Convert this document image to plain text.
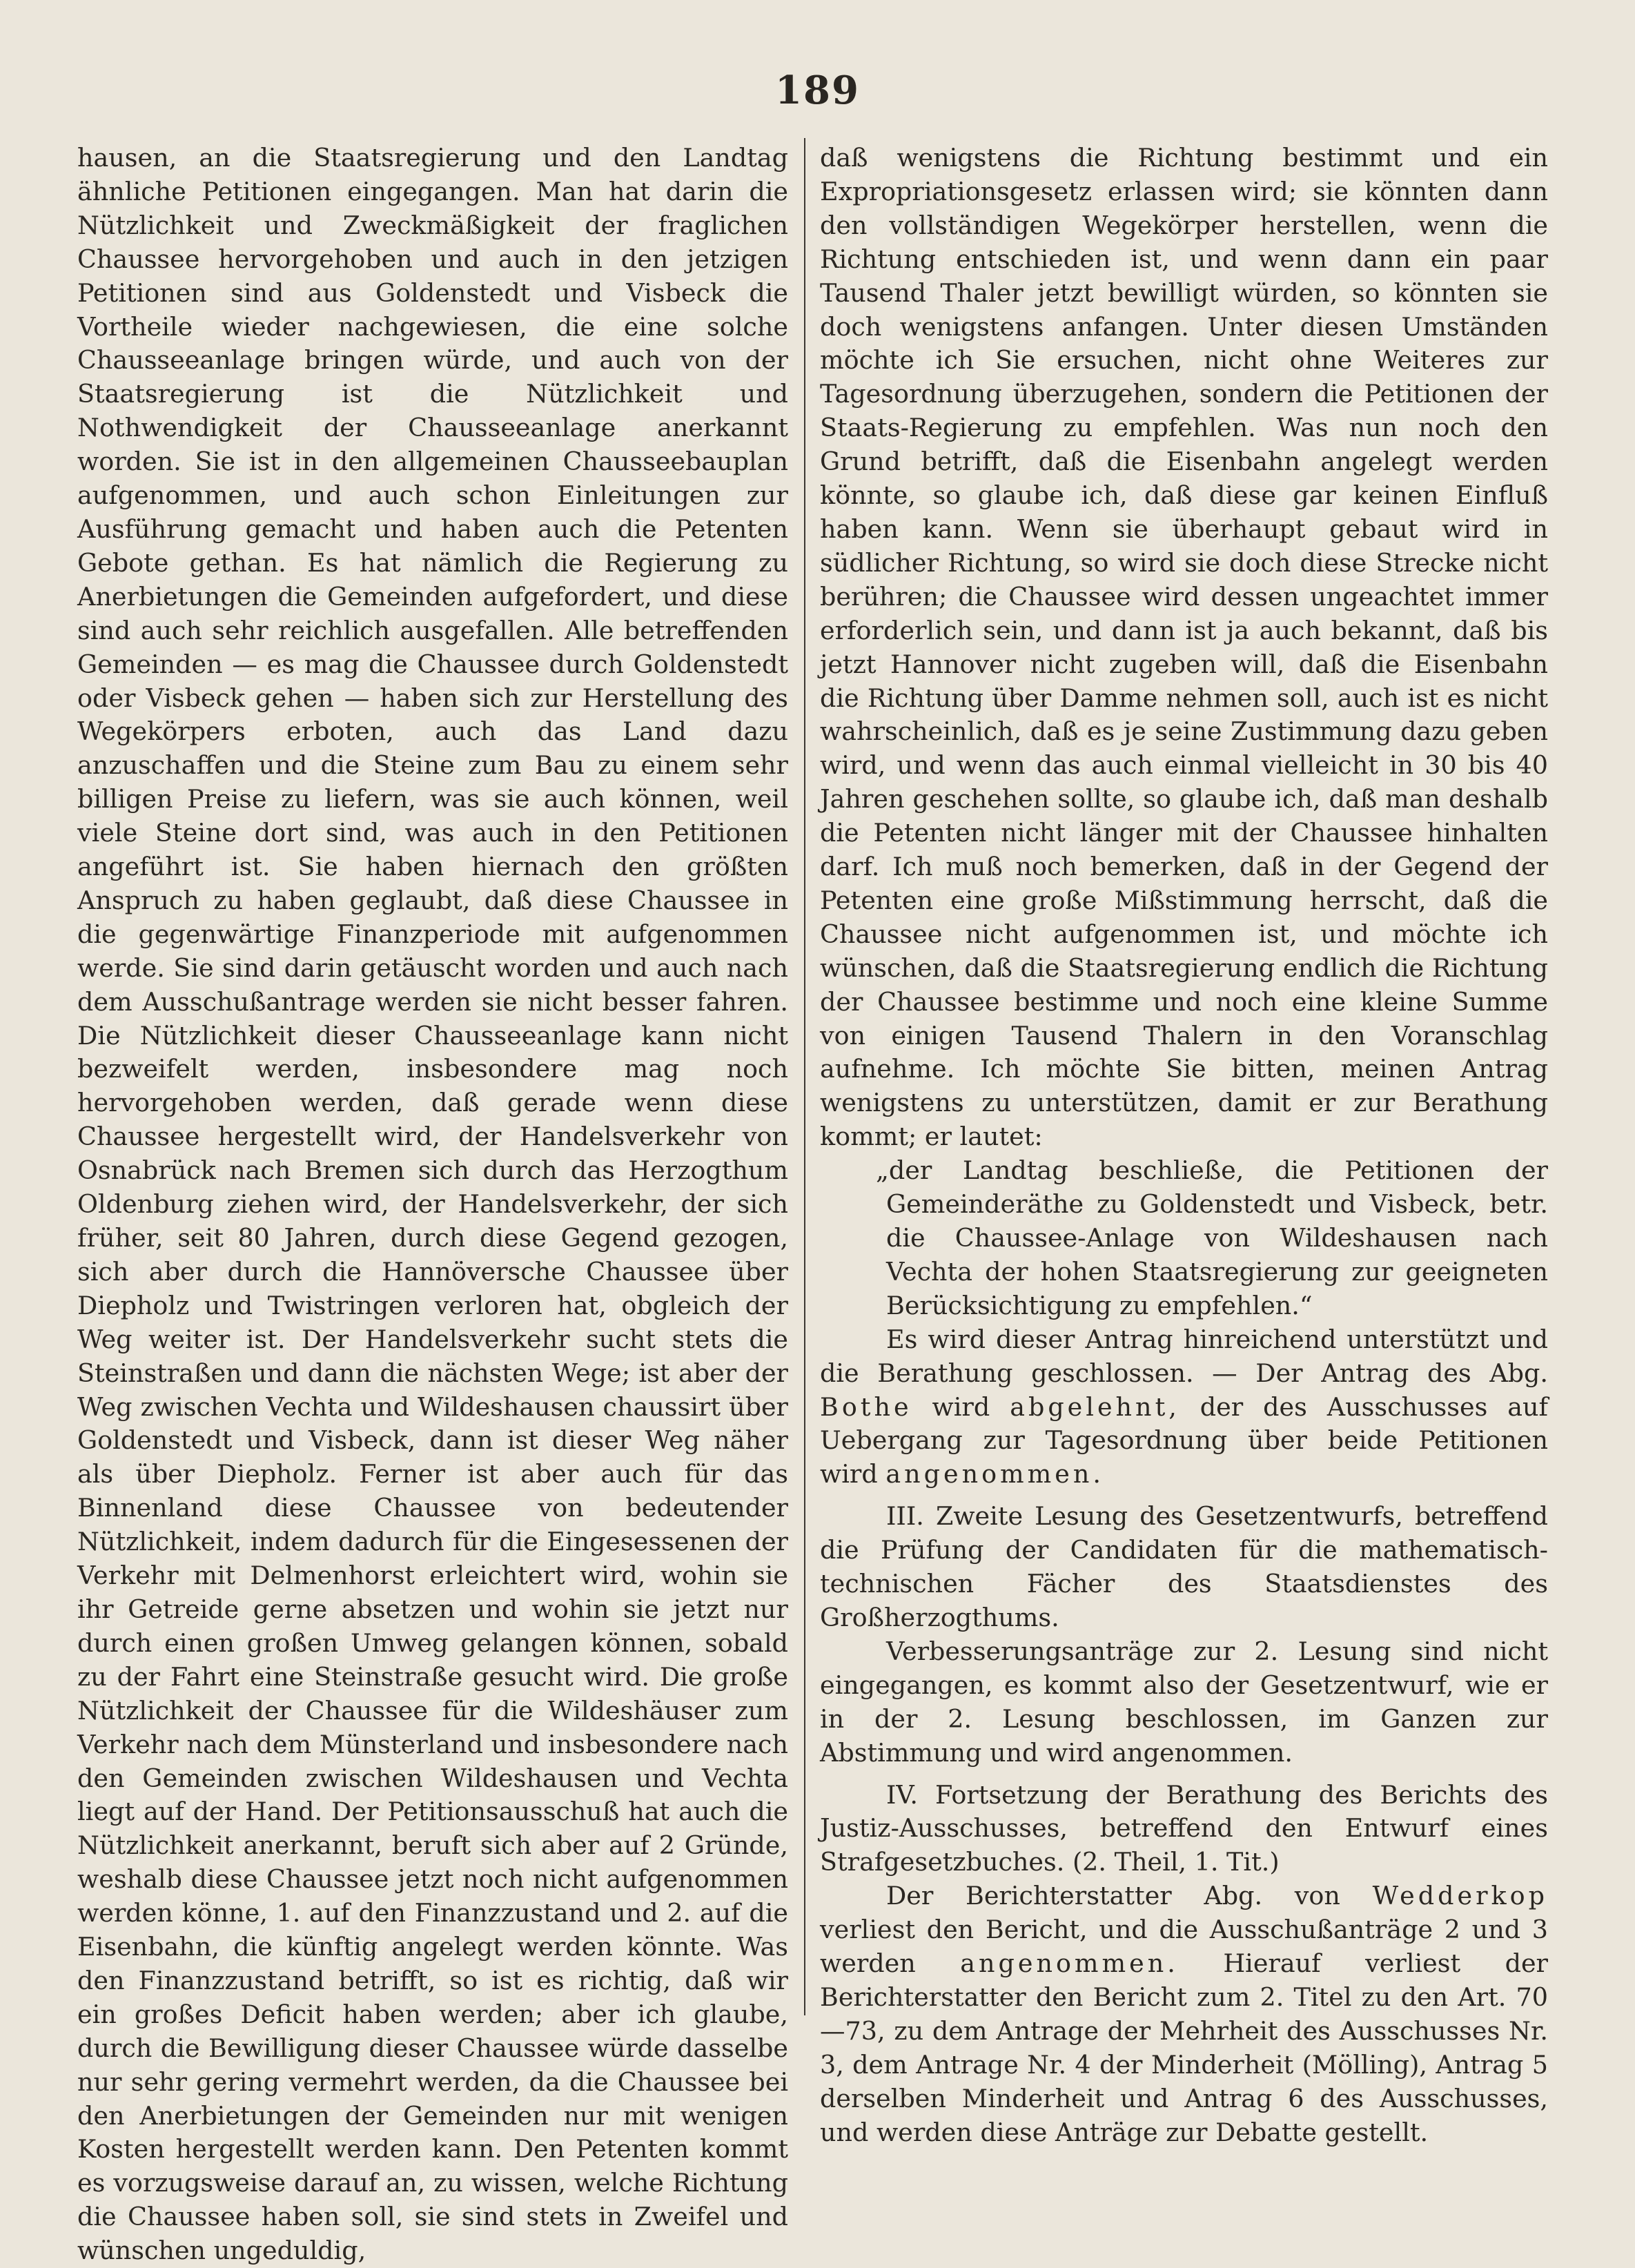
189

hausen, an die Staatsregierung und den Landtag ähnliche Petitionen eingegangen. Man hat darin die Nützlichkeit und Zweckmäßigkeit der fraglichen Chaussee hervorgehoben und auch in den jetzigen Petitionen sind aus Goldenstedt und Visbeck die Vortheile wieder nachgewiesen, die eine solche Chausseeanlage bringen würde, und auch von der Staatsregierung ist die Nützlichkeit und Nothwendigkeit der Chausseeanlage anerkannt worden. Sie ist in den allgemeinen Chausseebauplan aufgenommen, und auch schon Einleitungen zur Ausführung gemacht und haben auch die Petenten Gebote gethan. Es hat nämlich die Regierung zu Anerbietungen die Gemeinden aufgefordert, und diese sind auch sehr reichlich ausgefallen. Alle betreffenden Gemeinden — es mag die Chaussee durch Goldenstedt oder Visbeck gehen — haben sich zur Herstellung des Wegekörpers erboten, auch das Land dazu anzuschaffen und die Steine zum Bau zu einem sehr billigen Preise zu liefern, was sie auch können, weil viele Steine dort sind, was auch in den Petitionen angeführt ist. Sie haben hiernach den größten Anspruch zu haben geglaubt, daß diese Chaussee in die gegenwärtige Finanzperiode mit aufgenommen werde. Sie sind darin getäuscht worden und auch nach dem Ausschußantrage werden sie nicht besser fahren. Die Nützlichkeit dieser Chausseeanlage kann nicht bezweifelt werden, insbesondere mag noch hervorgehoben werden, daß gerade wenn diese Chaussee hergestellt wird, der Handelsverkehr von Osnabrück nach Bremen sich durch das Herzogthum Oldenburg ziehen wird, der Handelsverkehr, der sich früher, seit 80 Jahren, durch diese Gegend gezogen, sich aber durch die Hannöversche Chaussee über Diepholz und Twistringen verloren hat, obgleich der Weg weiter ist. Der Handelsverkehr sucht stets die Steinstraßen und dann die nächsten Wege; ist aber der Weg zwischen Vechta und Wildeshausen chaussirt über Goldenstedt und Visbeck, dann ist dieser Weg näher als über Diepholz. Ferner ist aber auch für das Binnenland diese Chaussee von bedeutender Nützlichkeit, indem dadurch für die Eingesessenen der Verkehr mit Delmenhorst erleichtert wird, wohin sie ihr Getreide gerne absetzen und wohin sie jetzt nur durch einen großen Umweg gelangen können, sobald zu der Fahrt eine Steinstraße gesucht wird. Die große Nützlichkeit der Chaussee für die Wildeshäuser zum Verkehr nach dem Münsterland und insbesondere nach den Gemeinden zwischen Wildeshausen und Vechta liegt auf der Hand. Der Petitionsausschuß hat auch die Nützlichkeit anerkannt, beruft sich aber auf 2 Gründe, weshalb diese Chaussee jetzt noch nicht aufgenommen werden könne, 1. auf den Finanzzustand und 2. auf die Eisenbahn, die künftig angelegt werden könnte. Was den Finanzzustand betrifft, so ist es richtig, daß wir ein großes Deficit haben werden; aber ich glaube, durch die Bewilligung dieser Chaussee würde dasselbe nur sehr gering vermehrt werden, da die Chaussee bei den Anerbietungen der Gemeinden nur mit wenigen Kosten hergestellt werden kann. Den Petenten kommt es vorzugsweise darauf an, zu wissen, welche Richtung die Chaussee haben soll, sie sind stets in Zweifel und wünschen ungeduldig,

daß wenigstens die Richtung bestimmt und ein Expropriationsgesetz erlassen wird; sie könnten dann den vollständigen Wegekörper herstellen, wenn die Richtung entschieden ist, und wenn dann ein paar Tausend Thaler jetzt bewilligt würden, so könnten sie doch wenigstens anfangen. Unter diesen Umständen möchte ich Sie ersuchen, nicht ohne Weiteres zur Tagesordnung überzugehen, sondern die Petitionen der Staats-Regierung zu empfehlen. Was nun noch den Grund betrifft, daß die Eisenbahn angelegt werden könnte, so glaube ich, daß diese gar keinen Einfluß haben kann. Wenn sie überhaupt gebaut wird in südlicher Richtung, so wird sie doch diese Strecke nicht berühren; die Chaussee wird dessen ungeachtet immer erforderlich sein, und dann ist ja auch bekannt, daß bis jetzt Hannover nicht zugeben will, daß die Eisenbahn die Richtung über Damme nehmen soll, auch ist es nicht wahrscheinlich, daß es je seine Zustimmung dazu geben wird, und wenn das auch einmal vielleicht in 30 bis 40 Jahren geschehen sollte, so glaube ich, daß man deshalb die Petenten nicht länger mit der Chaussee hinhalten darf. Ich muß noch bemerken, daß in der Gegend der Petenten eine große Mißstimmung herrscht, daß die Chaussee nicht aufgenommen ist, und möchte ich wünschen, daß die Staatsregierung endlich die Richtung der Chaussee bestimme und noch eine kleine Summe von einigen Tausend Thalern in den Voranschlag aufnehme. Ich möchte Sie bitten, meinen Antrag wenigstens zu unterstützen, damit er zur Berathung kommt; er lautet:

„der Landtag beschließe, die Petitionen der Gemeinderäthe zu Goldenstedt und Visbeck, betr. die Chaussee-Anlage von Wildeshausen nach Vechta der hohen Staatsregierung zur geeigneten Berücksichtigung zu empfehlen.“

Es wird dieser Antrag hinreichend unterstützt und die Berathung geschlossen. — Der Antrag des Abg. Bothe wird abgelehnt, der des Ausschusses auf Uebergang zur Tagesordnung über beide Petitionen wird angenommen.

III. Zweite Lesung des Gesetzentwurfs, betreffend die Prüfung der Candidaten für die mathematisch-technischen Fächer des Staatsdienstes des Großherzogthums.

Verbesserungsanträge zur 2. Lesung sind nicht eingegangen, es kommt also der Gesetzentwurf, wie er in der 2. Lesung beschlossen, im Ganzen zur Abstimmung und wird angenommen.

IV. Fortsetzung der Berathung des Berichts des Justiz-Ausschusses, betreffend den Entwurf eines Strafgesetzbuches. (2. Theil, 1. Tit.)

Der Berichterstatter Abg. von Wedderkop verliest den Bericht, und die Ausschußanträge 2 und 3 werden angenommen. Hierauf verliest der Berichterstatter den Bericht zum 2. Titel zu den Art. 70—73, zu dem Antrage der Mehrheit des Ausschusses Nr. 3, dem Antrage Nr. 4 der Minderheit (Mölling), Antrag 5 derselben Minderheit und Antrag 6 des Ausschusses, und werden diese Anträge zur Debatte gestellt.
